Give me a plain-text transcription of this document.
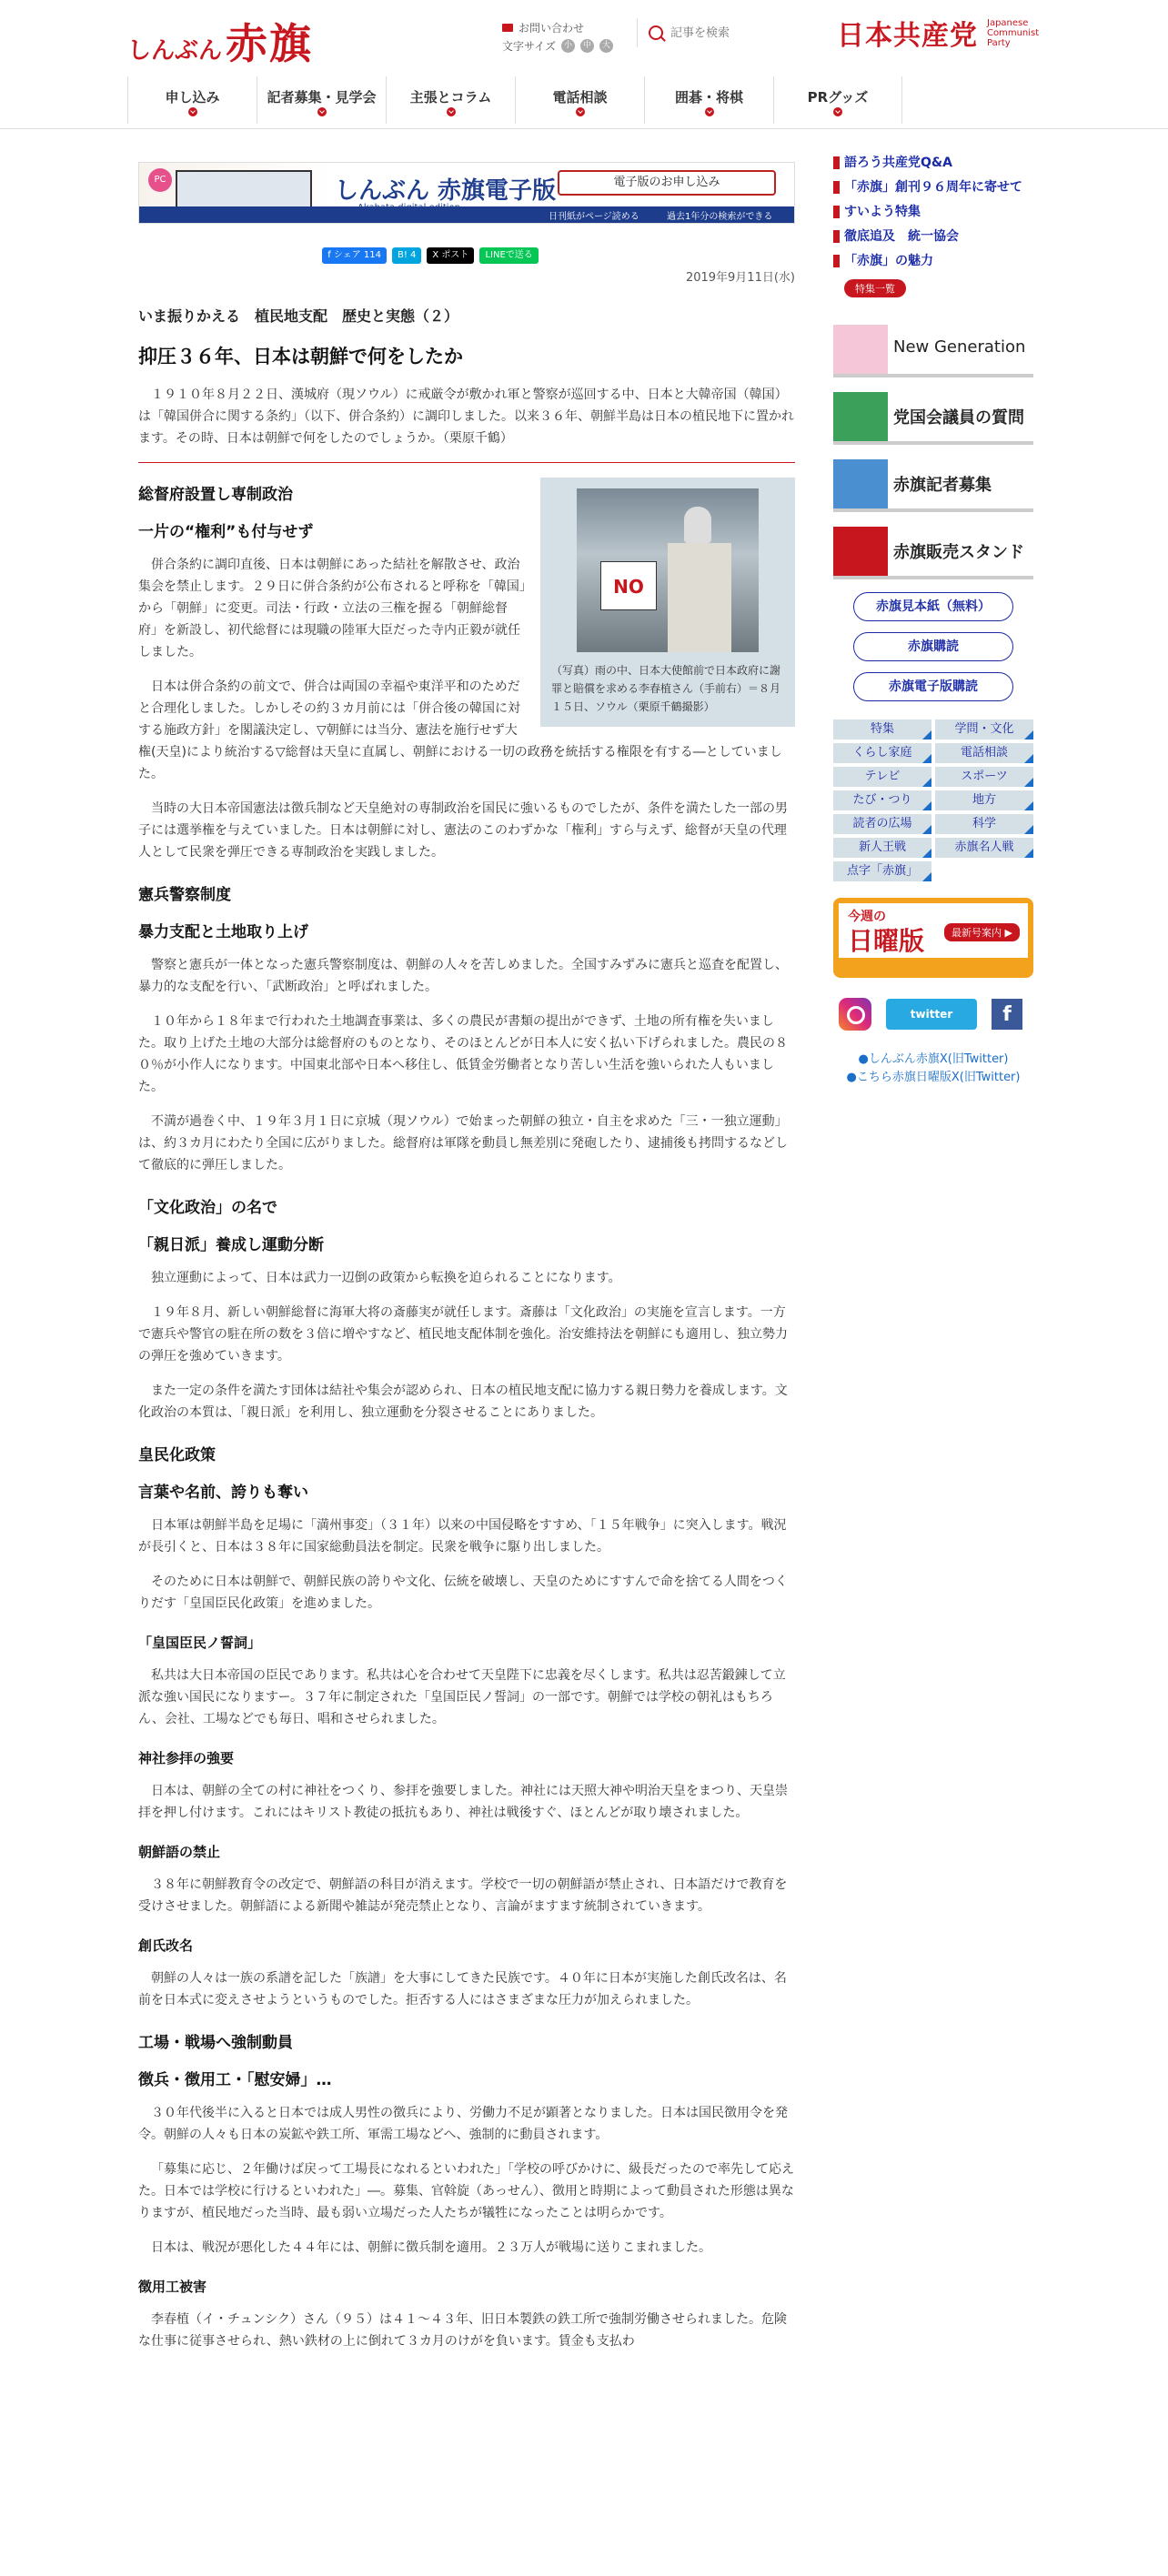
しんぶん 赤旗	お問い合わせ
文字サイズ 小	中	大
記事を検索	日本共産党 Japanese
Communist
Party
申し込み	記者募集・見学会	主張とコラム	電話相談	囲碁・将棋	PRグッズ
PC	しんぶん 赤旗電子版	電子版のお申し込み
日刊紙がページ読める	過去1年分の検索ができる
f シェア 114	B! 4	X ポスト	LINEで送る
2019年9月11日(水)
いま振りかえる　植民地支配　歴史と実態（２）
抑圧３６年、日本は朝鮮で何をしたか
１９１０年８月２２日、漢城府（現ソウル）に戒厳令が敷かれ軍と警察が巡回する中、日本と大韓帝国（韓国）は「韓国併合に関する条約」（以下、併合条約）に調印しました。以来３６年、朝鮮半島は日本の植民地下に置かれます。その時、日本は朝鮮で何をしたのでしょうか。（栗原千鶴）
NO
（写真）雨の中、日本大使館前で日本政府に謝罪と賠償を求める李春植さん（手前右）＝８月１５日、ソウル（栗原千鶴撮影）
総督府設置し専制政治
一片の“権利”も付与せず

併合条約に調印直後、日本は朝鮮にあった結社を解散させ、政治集会を禁止します。２９日に併合条約が公布されると呼称を「韓国」から「朝鮮」に変更。司法・行政・立法の三権を握る「朝鮮総督府」を新設し、初代総督には現職の陸軍大臣だった寺内正毅が就任しました。

日本は併合条約の前文で、併合は両国の幸福や東洋平和のためだと合理化しました。しかしその約３カ月前には「併合後の韓国に対する施政方針」を閣議決定し、▽朝鮮には当分、憲法を施行せず大権(天皇)により統治する▽総督は天皇に直属し、朝鮮における一切の政務を統括する権限を有する―としていました。

当時の大日本帝国憲法は徴兵制など天皇絶対の専制政治を国民に強いるものでしたが、条件を満たした一部の男子には選挙権を与えていました。日本は朝鮮に対し、憲法のこのわずかな「権利」すら与えず、総督が天皇の代理人として民衆を弾圧できる専制政治を実践しました。

憲兵警察制度
暴力支配と土地取り上げ

警察と憲兵が一体となった憲兵警察制度は、朝鮮の人々を苦しめました。全国すみずみに憲兵と巡査を配置し、暴力的な支配を行い、「武断政治」と呼ばれました。

１０年から１８年まで行われた土地調査事業は、多くの農民が書類の提出ができず、土地の所有権を失いました。取り上げた土地の大部分は総督府のものとなり、そのほとんどが日本人に安く払い下げられました。農民の８０％が小作人になります。中国東北部や日本へ移住し、低賃金労働者となり苦しい生活を強いられた人もいました。

不満が過巻く中、１９年３月１日に京城（現ソウル）で始まった朝鮮の独立・自主を求めた「三・一独立運動」は、約３カ月にわたり全国に広がりました。総督府は軍隊を動員し無差別に発砲したり、逮捕後も拷問するなどして徹底的に弾圧しました。

「文化政治」の名で
「親日派」養成し運動分断

独立運動によって、日本は武力一辺倒の政策から転換を迫られることになります。

１９年８月、新しい朝鮮総督に海軍大将の斎藤実が就任します。斎藤は「文化政治」の実施を宣言します。一方で憲兵や警官の駐在所の数を３倍に増やすなど、植民地支配体制を強化。治安維持法を朝鮮にも適用し、独立勢力の弾圧を強めていきます。

また一定の条件を満たす団体は結社や集会が認められ、日本の植民地支配に協力する親日勢力を養成します。文化政治の本質は、「親日派」を利用し、独立運動を分裂させることにありました。

皇民化政策
言葉や名前、誇りも奪い

日本軍は朝鮮半島を足場に「満州事変」（３１年）以来の中国侵略をすすめ、「１５年戦争」に突入します。戦況が長引くと、日本は３８年に国家総動員法を制定。民衆を戦争に駆り出しました。

そのために日本は朝鮮で、朝鮮民族の誇りや文化、伝統を破壊し、天皇のためにすすんで命を捨てる人間をつくりだす「皇国臣民化政策」を進めました。

「皇国臣民ノ誓詞」

私共は大日本帝国の臣民であります。私共は心を合わせて天皇陛下に忠義を尽くします。私共は忍苦鍛錬して立派な強い国民になりますー。３７年に制定された「皇国臣民ノ誓詞」の一部です。朝鮮では学校の朝礼はもちろん、会社、工場などでも毎日、唱和させられました。

神社参拝の強要

日本は、朝鮮の全ての村に神社をつくり、参拝を強要しました。神社には天照大神や明治天皇をまつり、天皇崇拝を押し付けます。これにはキリスト教徒の抵抗もあり、神社は戦後すぐ、ほとんどが取り壊されました。

朝鮮語の禁止

３８年に朝鮮教育令の改定で、朝鮮語の科目が消えます。学校で一切の朝鮮語が禁止され、日本語だけで教育を受けさせました。朝鮮語による新聞や雑誌が発売禁止となり、言論がますます統制されていきます。

創氏改名

朝鮮の人々は一族の系譜を記した「族譜」を大事にしてきた民族です。４０年に日本が実施した創氏改名は、名前を日本式に変えさせようというものでした。拒否する人にはさまざまな圧力が加えられました。

工場・戦場へ強制動員
徴兵・徴用工・「慰安婦」…

３０年代後半に入ると日本では成人男性の徴兵により、労働力不足が顕著となりました。日本は国民徴用令を発令。朝鮮の人々も日本の炭鉱や鉄工所、軍需工場などへ、強制的に動員されます。

「募集に応じ、２年働けば戻って工場長になれるといわれた」「学校の呼びかけに、級長だったので率先して応えた。日本では学校に行けるといわれた」―。募集、官斡旋（あっせん）、徴用と時期によって動員された形態は異なりますが、植民地だった当時、最も弱い立場だった人たちが犠牲になったことは明らかです。

日本は、戦況が悪化した４４年には、朝鮮に徴兵制を適用。２３万人が戦場に送りこまれました。

徴用工被害

李春植（イ・チュンシク）さん（９５）は４１～４３年、旧日本製鉄の鉄工所で強制労働させられました。危険な仕事に従事させられ、熱い鉄材の上に倒れて３カ月のけがを負います。賃金も支払わ

語ろう共産党Q&A
「赤旗」創刊９６周年に寄せて
すいよう特集
徹底追及　統一協会
「赤旗」の魅力
特集一覧
New Generation
党国会議員の質問
赤旗記者募集
赤旗販売スタンド
赤旗見本紙（無料）
赤旗購読
赤旗電子版購読
特集	学問・文化
くらし家庭	電話相談
テレビ	スポーツ
たび・つり	地方
読者の広場	科学
新人王戦	赤旗名人戦
点字「赤旗」
今週の
日曜版	最新号案内 ▶
twitter FOLLOW US
f
●しんぶん赤旗X(旧Twitter)
●こちら赤旗日曜版X(旧Twitter)
